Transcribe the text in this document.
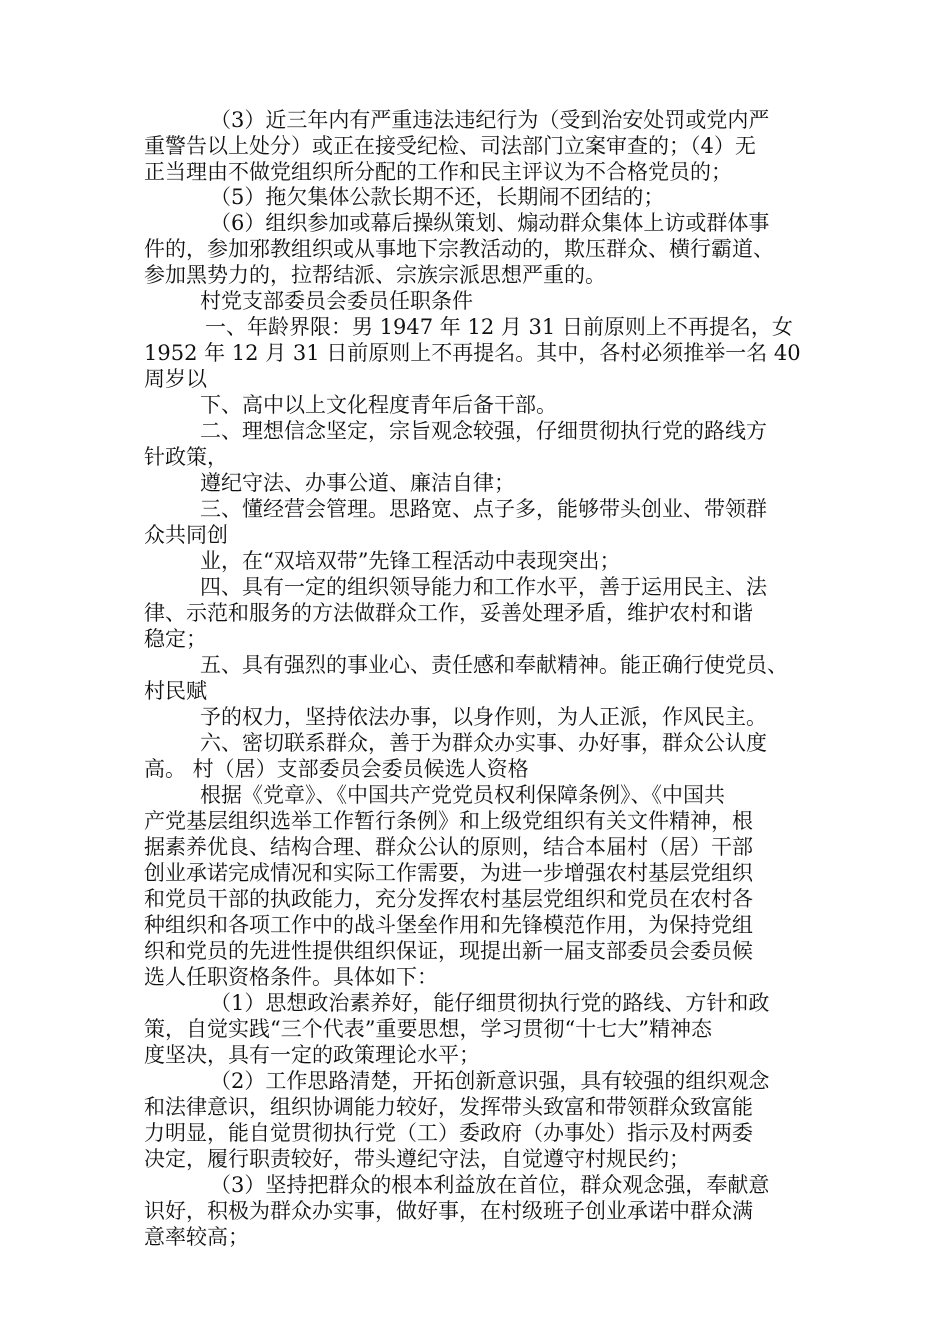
（3）近三年内有严重违法违纪行为（受到治安处罚或党内严
重警告以上处分）或正在接受纪检、司法部门立案审查的；（4）无
正当理由不做党组织所分配的工作和民主评议为不合格党员的；
（5）拖欠集体公款长期不还，长期闹不团结的；
（6）组织参加或幕后操纵策划、煽动群众集体上访或群体事
件的，参加邪教组织或从事地下宗教活动的，欺压群众、横行霸道、
参加黑势力的，拉帮结派、宗族宗派思想严重的。
村党支部委员会委员任职条件
一、年龄界限：男 1947 年 12 月 31 日前原则上不再提名，女
1952 年 12 月 31 日前原则上不再提名。其中，各村必须推举一名 40
周岁以
下、高中以上文化程度青年后备干部。
二、理想信念坚定，宗旨观念较强，仔细贯彻执行党的路线方
针政策，
遵纪守法、办事公道、廉洁自律；
三、懂经营会管理。思路宽、点子多，能够带头创业、带领群
众共同创
业，在“双培双带”先锋工程活动中表现突出；
四、具有一定的组织领导能力和工作水平，善于运用民主、法
律、示范和服务的方法做群众工作，妥善处理矛盾，维护农村和谐
稳定；
五、具有强烈的事业心、责任感和奉献精神。能正确行使党员、
村民赋
予的权力，坚持依法办事，以身作则，为人正派，作风民主。
六、密切联系群众，善于为群众办实事、办好事，群众公认度
高。 村（居）支部委员会委员候选人资格
根据《党章》、《中国共产党党员权利保障条例》、《中国共
产党基层组织选举工作暂行条例》和上级党组织有关文件精神，根
据素养优良、结构合理、群众公认的原则，结合本届村（居）干部
创业承诺完成情况和实际工作需要，为进一步增强农村基层党组织
和党员干部的执政能力，充分发挥农村基层党组织和党员在农村各
种组织和各项工作中的战斗堡垒作用和先锋模范作用，为保持党组
织和党员的先进性提供组织保证，现提出新一届支部委员会委员候
选人任职资格条件。具体如下：
（1）思想政治素养好，能仔细贯彻执行党的路线、方针和政
策，自觉实践“三个代表”重要思想，学习贯彻“十七大”精神态
度坚决，具有一定的政策理论水平；
（2）工作思路清楚，开拓创新意识强，具有较强的组织观念
和法律意识，组织协调能力较好，发挥带头致富和带领群众致富能
力明显，能自觉贯彻执行党（工）委政府（办事处）指示及村两委
决定，履行职责较好，带头遵纪守法，自觉遵守村规民约；
（3）坚持把群众的根本利益放在首位，群众观念强，奉献意
识好，积极为群众办实事，做好事，在村级班子创业承诺中群众满
意率较高；
